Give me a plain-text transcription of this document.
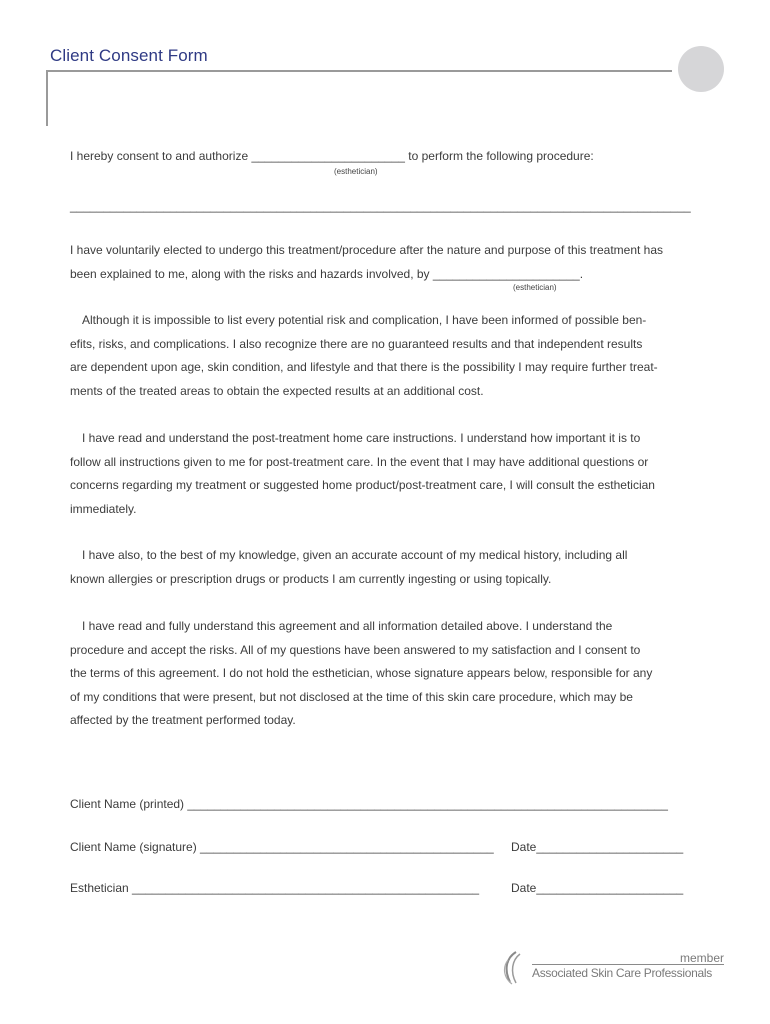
Client Consent Form
I hereby consent to and authorize _______________________ to perform the following procedure:
(esthetician)
_____________________________________________________________________________________________
I have voluntarily elected to undergo this treatment/procedure after the nature and purpose of this treatment has
been explained to me, along with the risks and hazards involved, by ______________________.
(esthetician)
Although it is impossible to list every potential risk and complication, I have been informed of possible ben-
efits, risks, and complications. I also recognize there are no guaranteed results and that independent results
are dependent upon age, skin condition, and lifestyle and that there is the possibility I may require further treat-
ments of the treated areas to obtain the expected results at an additional cost.
I have read and understand the post-treatment home care instructions. I understand how important it is to
follow all instructions given to me for post-treatment care. In the event that I may have additional questions or
concerns regarding my treatment or suggested home product/post-treatment care, I will consult the esthetician
immediately.
I have also, to the best of my knowledge, given an accurate account of my medical history, including all
known allergies or prescription drugs or products I am currently ingesting or using topically.
I have read and fully understand this agreement and all information detailed above. I understand the
procedure and accept the risks. All of my questions have been answered to my satisfaction and I consent to
the terms of this agreement. I do not hold the esthetician, whose signature appears below, responsible for any
of my conditions that were present, but not disclosed at the time of this skin care procedure, which may be
affected by the treatment performed today.
Client Name (printed) ________________________________________________________________________
Client Name (signature) ____________________________________________ Date______________________
Esthetician ____________________________________________________	Date______________________
member
Associated Skin Care Professionals
